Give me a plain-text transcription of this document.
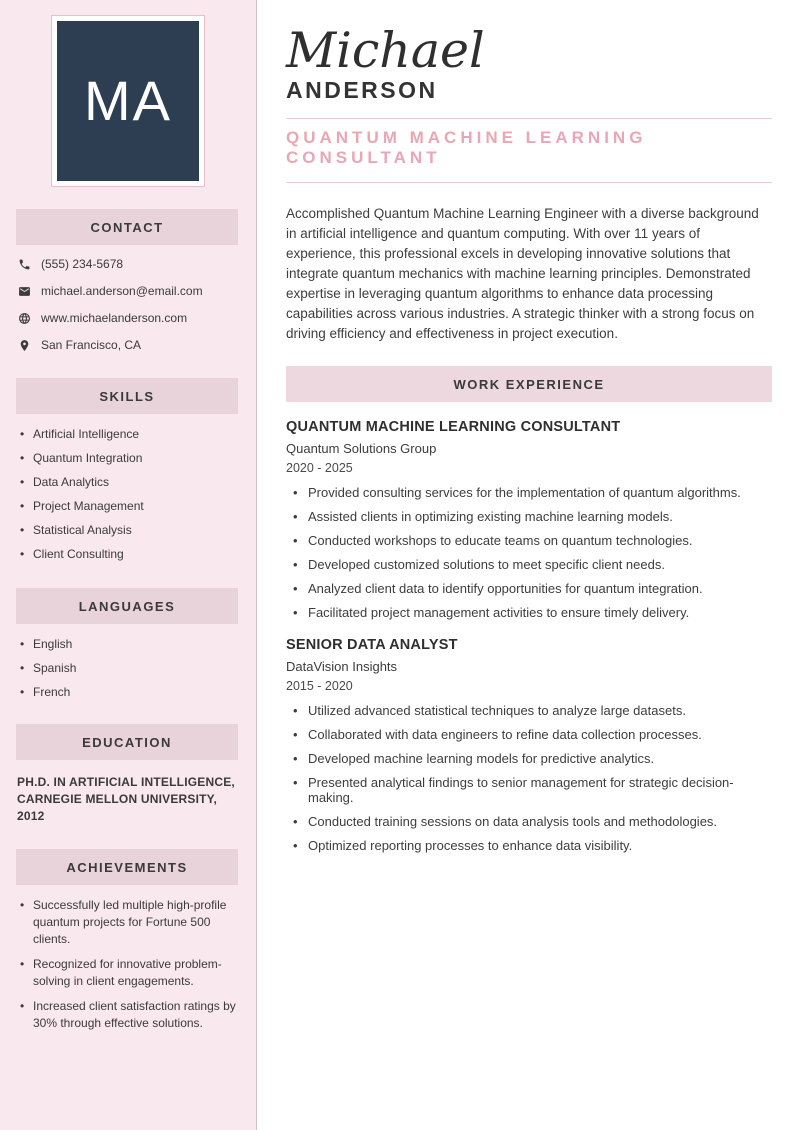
MA
CONTACT
(555) 234-5678
michael.anderson@email.com
www.michaelanderson.com
San Francisco, CA
SKILLS
• Artificial Intelligence
• Quantum Integration
• Data Analytics
• Project Management
• Statistical Analysis
• Client Consulting
LANGUAGES
• English
• Spanish
• French
EDUCATION
PH.D. IN ARTIFICIAL INTELLIGENCE, CARNEGIE MELLON UNIVERSITY, 2012
ACHIEVEMENTS
• Successfully led multiple high-profile quantum projects for Fortune 500 clients.
• Recognized for innovative problem-solving in client engagements.
• Increased client satisfaction ratings by 30% through effective solutions.
Michael
ANDERSON
QUANTUM MACHINE LEARNING CONSULTANT

Accomplished Quantum Machine Learning Engineer with a diverse background in artificial intelligence and quantum computing. With over 11 years of experience, this professional excels in developing innovative solutions that integrate quantum mechanics with machine learning principles. Demonstrated expertise in leveraging quantum algorithms to enhance data processing capabilities across various industries. A strategic thinker with a strong focus on driving efficiency and effectiveness in project execution.

WORK EXPERIENCE
QUANTUM MACHINE LEARNING CONSULTANT
Quantum Solutions Group
2020 - 2025
• Provided consulting services for the implementation of quantum algorithms.
• Assisted clients in optimizing existing machine learning models.
• Conducted workshops to educate teams on quantum technologies.
• Developed customized solutions to meet specific client needs.
• Analyzed client data to identify opportunities for quantum integration.
• Facilitated project management activities to ensure timely delivery.
SENIOR DATA ANALYST
DataVision Insights
2015 - 2020
• Utilized advanced statistical techniques to analyze large datasets.
• Collaborated with data engineers to refine data collection processes.
• Developed machine learning models for predictive analytics.
• Presented analytical findings to senior management for strategic decision-making.
• Conducted training sessions on data analysis tools and methodologies.
• Optimized reporting processes to enhance data visibility.
